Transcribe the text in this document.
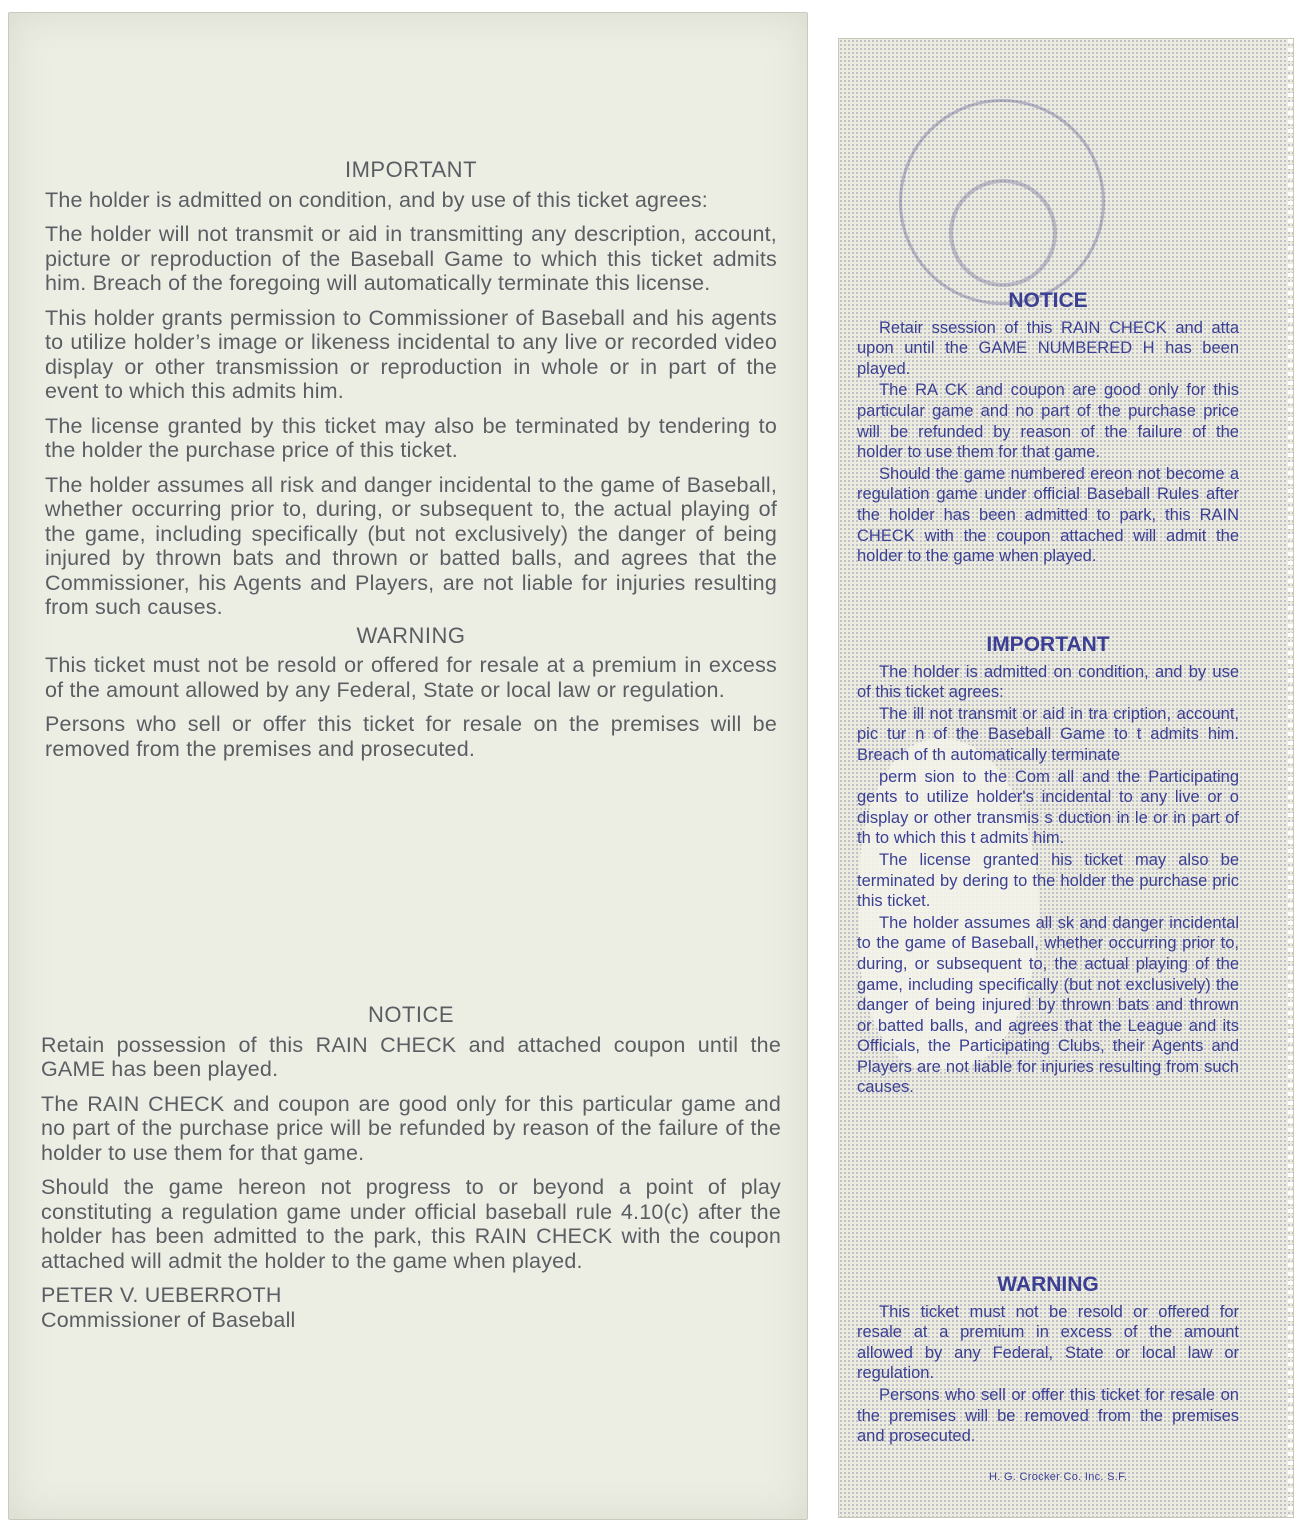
IMPORTANT

The holder is admitted on condition, and by use of this ticket agrees:

The holder will not transmit or aid in transmitting any description, account, picture or reproduction of the Baseball Game to which this ticket admits him. Breach of the foregoing will automatically terminate this license.

This holder grants permission to Commissioner of Baseball and his agents to utilize holder’s image or likeness incidental to any live or recorded video display or other transmission or reproduction in whole or in part of the event to which this admits him.

The license granted by this ticket may also be terminated by tendering to the holder the purchase price of this ticket.

The holder assumes all risk and danger incidental to the game of Baseball, whether occurring prior to, during, or subsequent to, the actual playing of the game, including specifically (but not exclusively) the danger of being injured by thrown bats and thrown or batted balls, and agrees that the Commissioner, his Agents and Players, are not liable for injuries resulting from such causes.

WARNING

This ticket must not be resold or offered for resale at a premium in excess of the amount allowed by any Federal, State or local law or regulation.

Persons who sell or offer this ticket for resale on the premises will be removed from the premises and prosecuted.

NOTICE

Retain possession of this RAIN CHECK and attached coupon until the GAME has been played.

The RAIN CHECK and coupon are good only for this particular game and no part of the purchase price will be refunded by reason of the failure of the holder to use them for that game.

Should the game hereon not progress to or beyond a point of play constituting a regulation game under official baseball rule 4.10(c) after the holder has been admitted to the park, this RAIN CHECK with the coupon attached will admit the holder to the game when played.

PETER V. UEBERROTH
Commissioner of Baseball
NOTICE

Retair ssession of this RAIN CHECK and atta upon until the GAME NUMBERED H has been played.

The RA CK and coupon are good only for this particular game and no part of the purchase price will be refunded by reason of the failure of the holder to use them for that game.

Should the game numbered ereon not become a regulation game under official Baseball Rules after the holder has been admitted to park, this RAIN CHECK with the coupon attached will admit the holder to the game when played.

IMPORTANT

The holder is admitted on condition, and by use of this ticket agrees:

The ill not transmit or aid in tra cription, account, pic tur n of the Baseball Game to t admits him. Breach of th automatically terminate

perm sion to the Com all and the Participating gents to utilize holder's incidental to any live or o display or other transmis s duction in le or in part of th to which this t admits him.

The license granted his ticket may also be terminated by dering to the holder the purchase pric this ticket.

The holder assumes all sk and danger incidental to the game of Baseball, whether occurring prior to, during, or subsequent to, the actual playing of the game, including specifically (but not exclusively) the danger of being injured by thrown bats and thrown or batted balls, and agrees that the League and its Officials, the Participating Clubs, their Agents and Players are not liable for injuries resulting from such causes.

WARNING

This ticket must not be resold or offered for resale at a premium in excess of the amount allowed by any Federal, State or local law or regulation.

Persons who sell or offer this ticket for resale on the premises will be removed from the premises and prosecuted.

H. G. Crocker Co. Inc. S.F.
